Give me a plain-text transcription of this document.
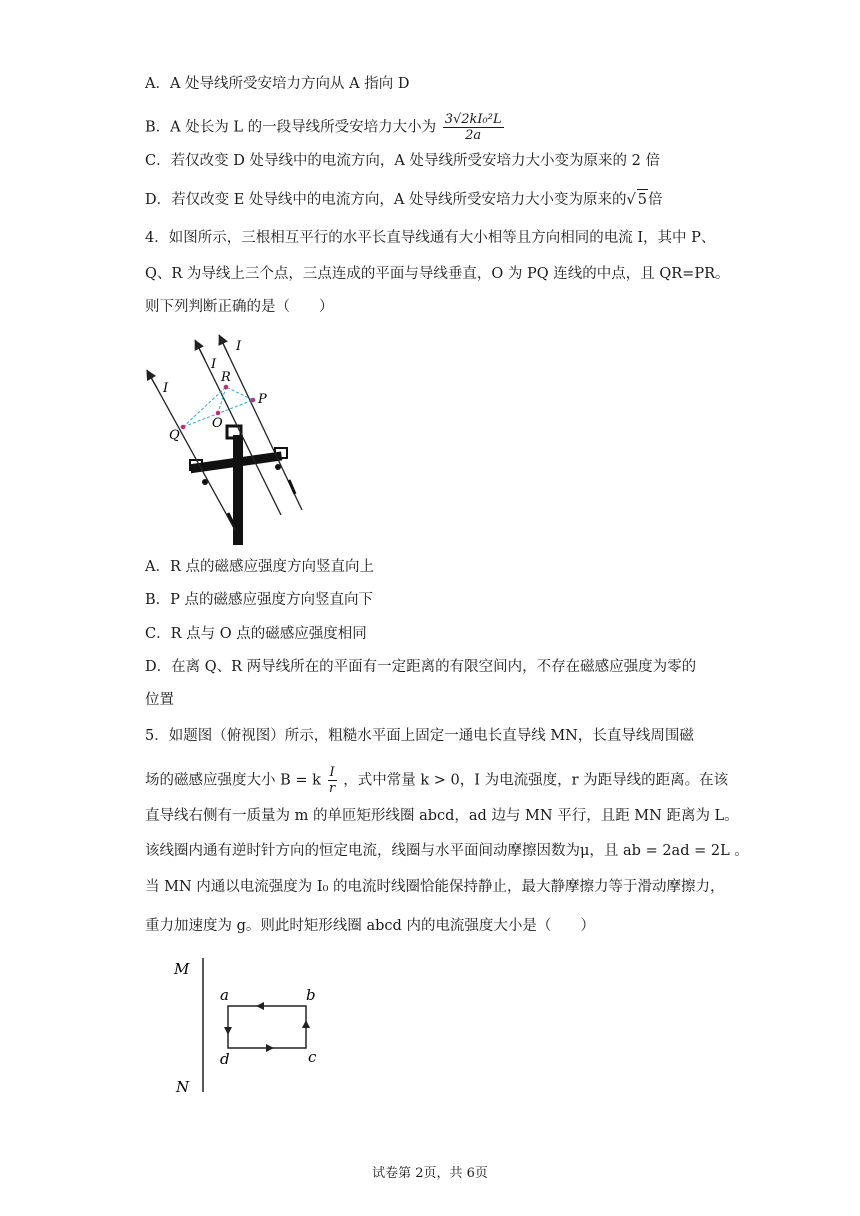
A．A 处导线所受安培力方向从 A 指向 D
B．A 处长为 L 的一段导线所受安培力大小为 $\frac{\text{3√2kI₀²L}}{2a}$
C．若仅改变 D 处导线中的电流方向，A 处导线所受安培力大小变为原来的 2 倍
D．若仅改变 E 处导线中的电流方向，A 处导线所受安培力大小变为原来的√ 5倍
4．如图所示，三根相互平行的水平长直导线通有大小相等且方向相同的电流 I，其中 P、
Q、R 为导线上三个点，三点连成的平面与导线垂直，O 为 PQ 连线的中点，且 QR=PR。
则下列判断正确的是（　　）
I
I
I
R
P
O
Q
A．R 点的磁感应强度方向竖直向上
B．P 点的磁感应强度方向竖直向下
C．R 点与 O 点的磁感应强度相同
D．在离 Q、R 两导线所在的平面有一定距离的有限空间内，不存在磁感应强度为零的
位置
5．如题图（俯视图）所示，粗糙水平面上固定一通电长直导线 MN，长直导线周围磁
场的磁感应强度大小 B = k $\frac{I}{r}$ ，式中常量 k > 0，I 为电流强度，r 为距导线的距离。在该
直导线右侧有一质量为 m 的单匝矩形线圈 abcd，ad 边与 MN 平行，且距 MN 距离为 L。
该线圈内通有逆时针方向的恒定电流，线圈与水平面间动摩擦因数为μ，且 ab = 2ad = 2L 。
当 MN 内通以电流强度为 I₀ 的电流时线圈恰能保持静止，最大静摩擦力等于滑动摩擦力，
重力加速度为 g。则此时矩形线圈 abcd 内的电流强度大小是（　　）
M
N
a	b
c
d
试卷第 2页，共 6页
